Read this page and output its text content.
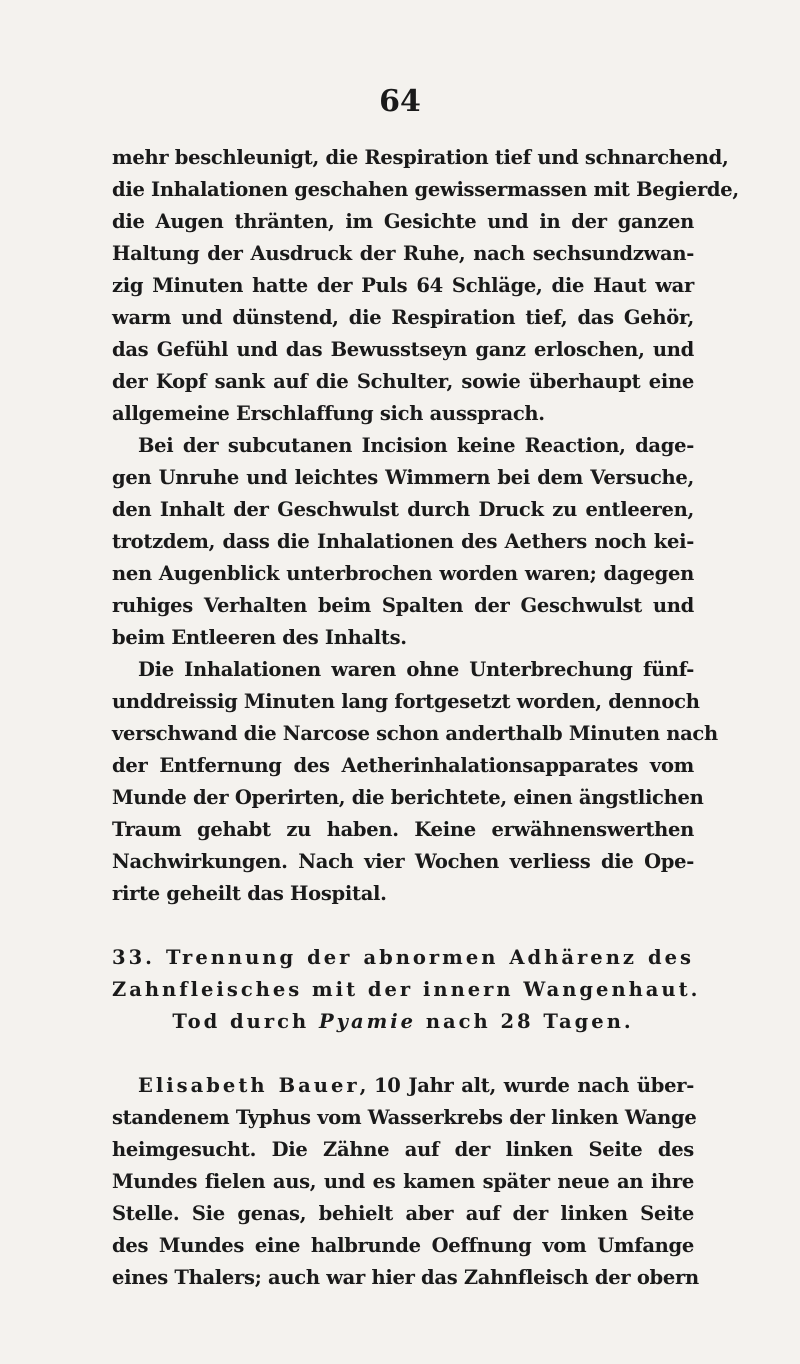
64
mehr beschleunigt, die Respiration tief und schnarchend,
die Inhalationen geschahen gewissermassen mit Begierde,
die Augen thränten, im Gesichte und in der ganzen
Haltung der Ausdruck der Ruhe, nach sechsundzwan-
zig Minuten hatte der Puls 64 Schläge, die Haut war
warm und dünstend, die Respiration tief, das Gehör,
das Gefühl und das Bewusstseyn ganz erloschen, und
der Kopf sank auf die Schulter, sowie überhaupt eine
allgemeine Erschlaffung sich aussprach.
Bei der subcutanen Incision keine Reaction, dage-
gen Unruhe und leichtes Wimmern bei dem Versuche,
den Inhalt der Geschwulst durch Druck zu entleeren,
trotzdem, dass die Inhalationen des Aethers noch kei-
nen Augenblick unterbrochen worden waren; dagegen
ruhiges Verhalten beim Spalten der Geschwulst und
beim Entleeren des Inhalts.
Die Inhalationen waren ohne Unterbrechung fünf-
unddreissig Minuten lang fortgesetzt worden, dennoch
verschwand die Narcose schon anderthalb Minuten nach
der Entfernung des Aetherinhalationsapparates vom
Munde der Operirten, die berichtete, einen ängstlichen
Traum gehabt zu haben. Keine erwähnenswerthen
Nachwirkungen. Nach vier Wochen verliess die Ope-
rirte geheilt das Hospital.
33. Trennung der abnormen Adhärenz des
Zahnfleisches mit der innern Wangenhaut.
Tod durch Pyamie nach 28 Tagen.
Elisabeth Bauer, 10 Jahr alt, wurde nach über-
standenem Typhus vom Wasserkrebs der linken Wange
heimgesucht. Die Zähne auf der linken Seite des
Mundes fielen aus, und es kamen später neue an ihre
Stelle. Sie genas, behielt aber auf der linken Seite
des Mundes eine halbrunde Oeffnung vom Umfange
eines Thalers; auch war hier das Zahnfleisch der obern
